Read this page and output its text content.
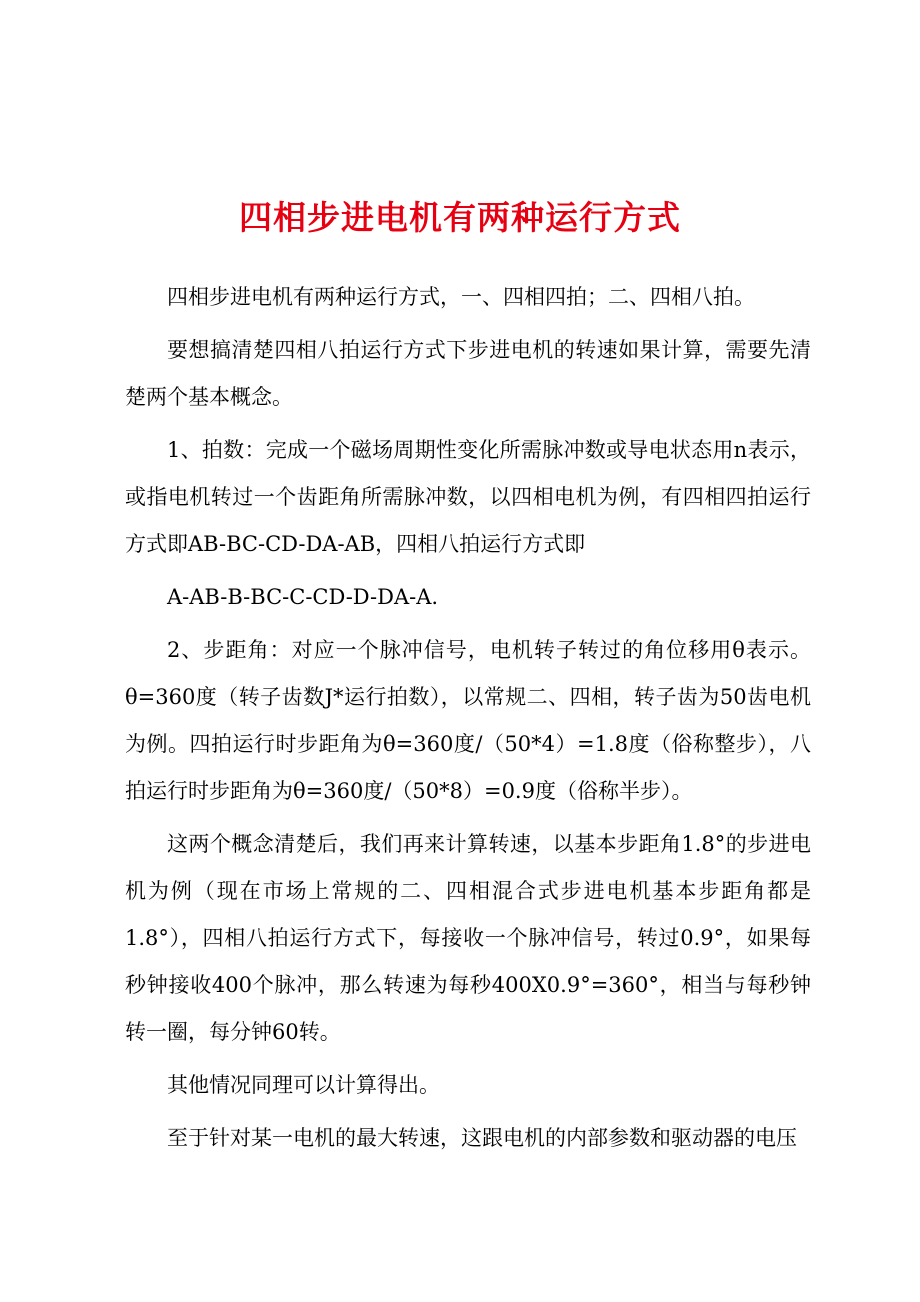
四相步进电机有两种运行方式

四相步进电机有两种运行方式，一、四相四拍；二、四相八拍。

要想搞清楚四相八拍运行方式下步进电机的转速如果计算，需要先清楚两个基本概念。

1、拍数：完成一个磁场周期性变化所需脉冲数或导电状态用n表示，或指电机转过一个齿距角所需脉冲数，以四相电机为例，有四相四拍运行方式即AB-BC-CD-DA-AB，四相八拍运行方式即

A-AB-B-BC-C-CD-D-DA-A.

2、步距角：对应一个脉冲信号，电机转子转过的角位移用θ表示。θ=360度（转子齿数J*运行拍数），以常规二、四相，转子齿为50齿电机为例。四拍运行时步距角为θ=360度/（50*4）=1.8度（俗称整步），八拍运行时步距角为θ=360度/（50*8）=0.9度（俗称半步）。

这两个概念清楚后，我们再来计算转速，以基本步距角1.8°的步进电机为例（现在市场上常规的二、四相混合式步进电机基本步距角都是1.8°），四相八拍运行方式下，每接收一个脉冲信号，转过0.9°，如果每秒钟接收400个脉冲，那么转速为每秒400X0.9°=360°，相当与每秒钟转一圈，每分钟60转。

其他情况同理可以计算得出。

至于针对某一电机的最大转速，这跟电机的内部参数和驱动器的电压
